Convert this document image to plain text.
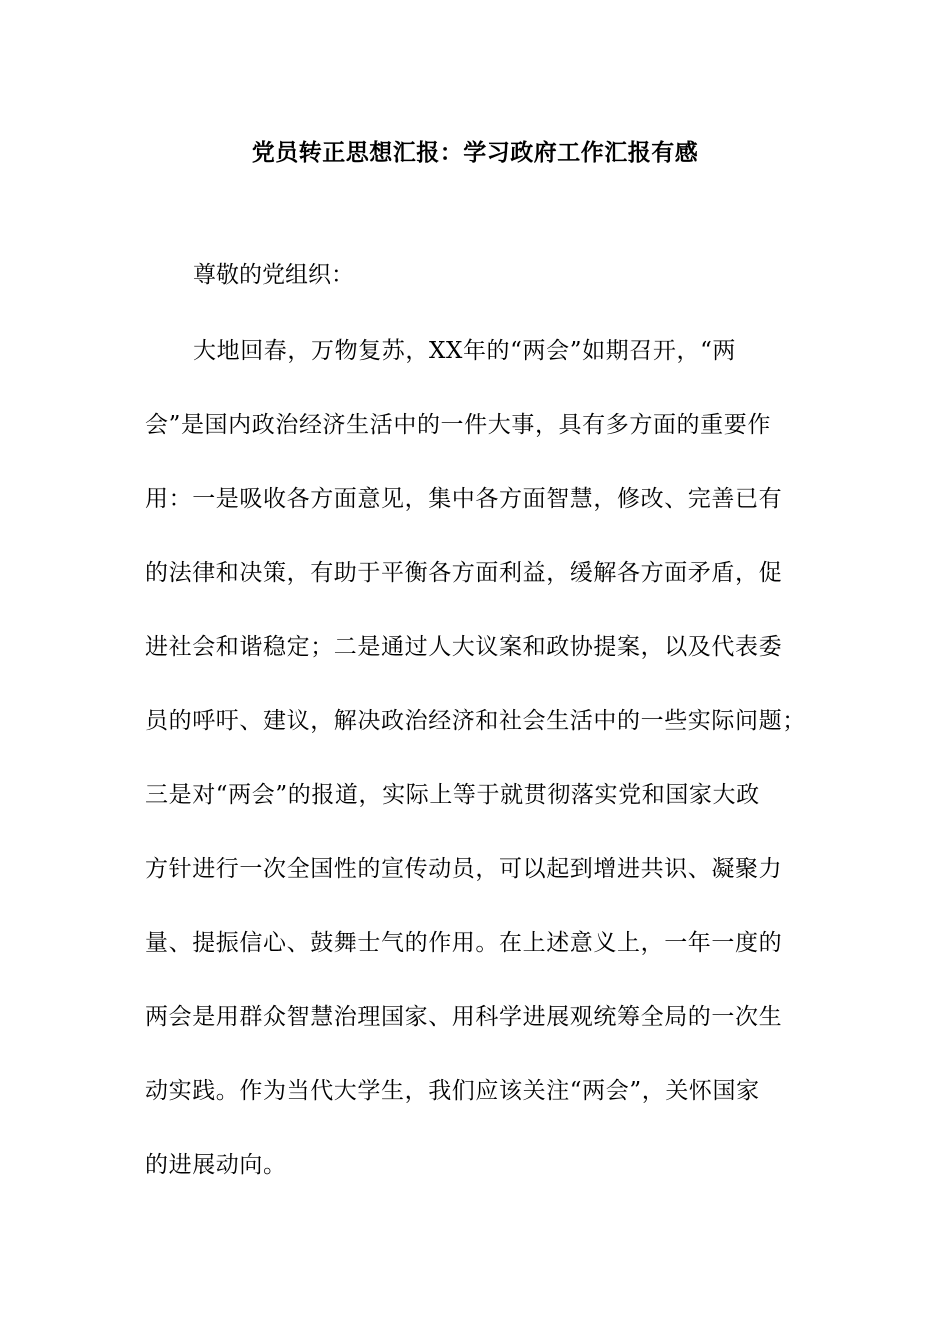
党员转正思想汇报：学习政府工作汇报有感
尊敬的党组织：
大地回春，万物复苏，XX年的“两会”如期召开，“两
会”是国内政治经济生活中的一件大事，具有多方面的重要作
用：一是吸收各方面意见，集中各方面智慧，修改、完善已有
的法律和决策，有助于平衡各方面利益，缓解各方面矛盾，促
进社会和谐稳定；二是通过人大议案和政协提案，以及代表委
员的呼吁、建议，解决政治经济和社会生活中的一些实际问题；
三是对“两会”的报道，实际上等于就贯彻落实党和国家大政
方针进行一次全国性的宣传动员，可以起到增进共识、凝聚力
量、提振信心、鼓舞士气的作用。在上述意义上，一年一度的
两会是用群众智慧治理国家、用科学进展观统筹全局的一次生
动实践。作为当代大学生，我们应该关注“两会”，关怀国家
的进展动向。
